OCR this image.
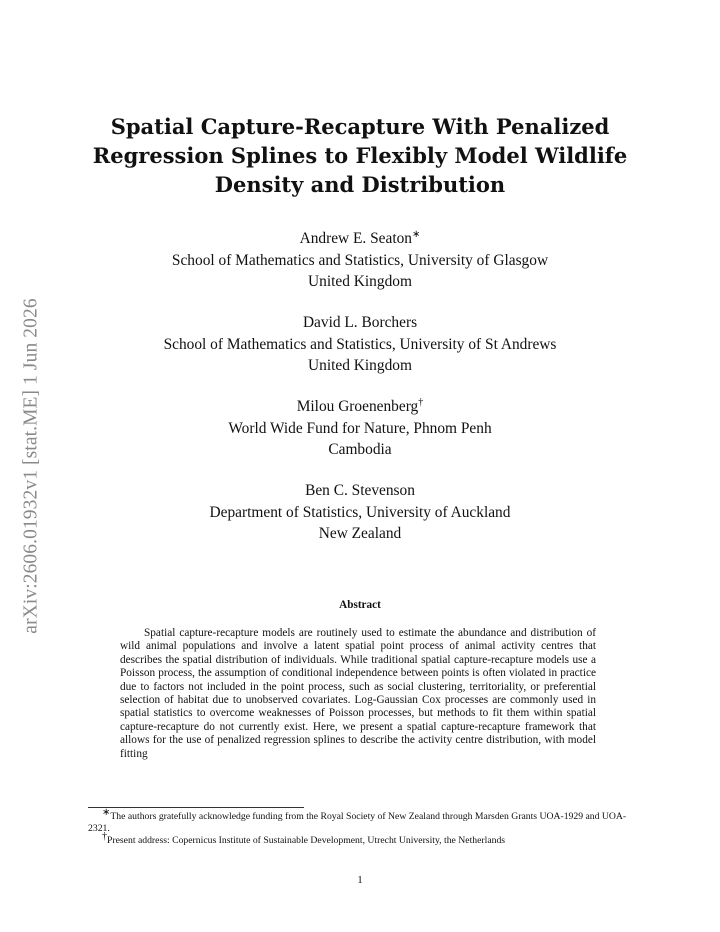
arXiv:2606.01932v1 [stat.ME] 1 Jun 2026
Spatial Capture-Recapture With Penalized Regression Splines to Flexibly Model Wildlife Density and Distribution
Andrew E. Seaton∗
School of Mathematics and Statistics, University of Glasgow
United Kingdom
David L. Borchers
School of Mathematics and Statistics, University of St Andrews
United Kingdom
Milou Groenenberg†
World Wide Fund for Nature, Phnom Penh
Cambodia
Ben C. Stevenson
Department of Statistics, University of Auckland
New Zealand
Abstract

Spatial capture-recapture models are routinely used to estimate the abundance and distribution of wild animal populations and involve a latent spatial point process of animal activity centres that describes the spatial distribution of individuals. While traditional spatial capture-recapture models use a Poisson process, the assumption of conditional independence between points is often violated in practice due to factors not included in the point process, such as social clustering, territoriality, or preferential selection of habitat due to unobserved covariates. Log-Gaussian Cox processes are commonly used in spatial statistics to overcome weaknesses of Poisson processes, but methods to fit them within spatial capture-recapture do not currently exist. Here, we present a spatial capture-recapture framework that allows for the use of penalized regression splines to describe the activity centre distribution, with model fitting

∗The authors gratefully acknowledge funding from the Royal Society of New Zealand through Marsden Grants UOA-1929 and UOA-2321.

†Present address: Copernicus Institute of Sustainable Development, Utrecht University, the Netherlands

1
